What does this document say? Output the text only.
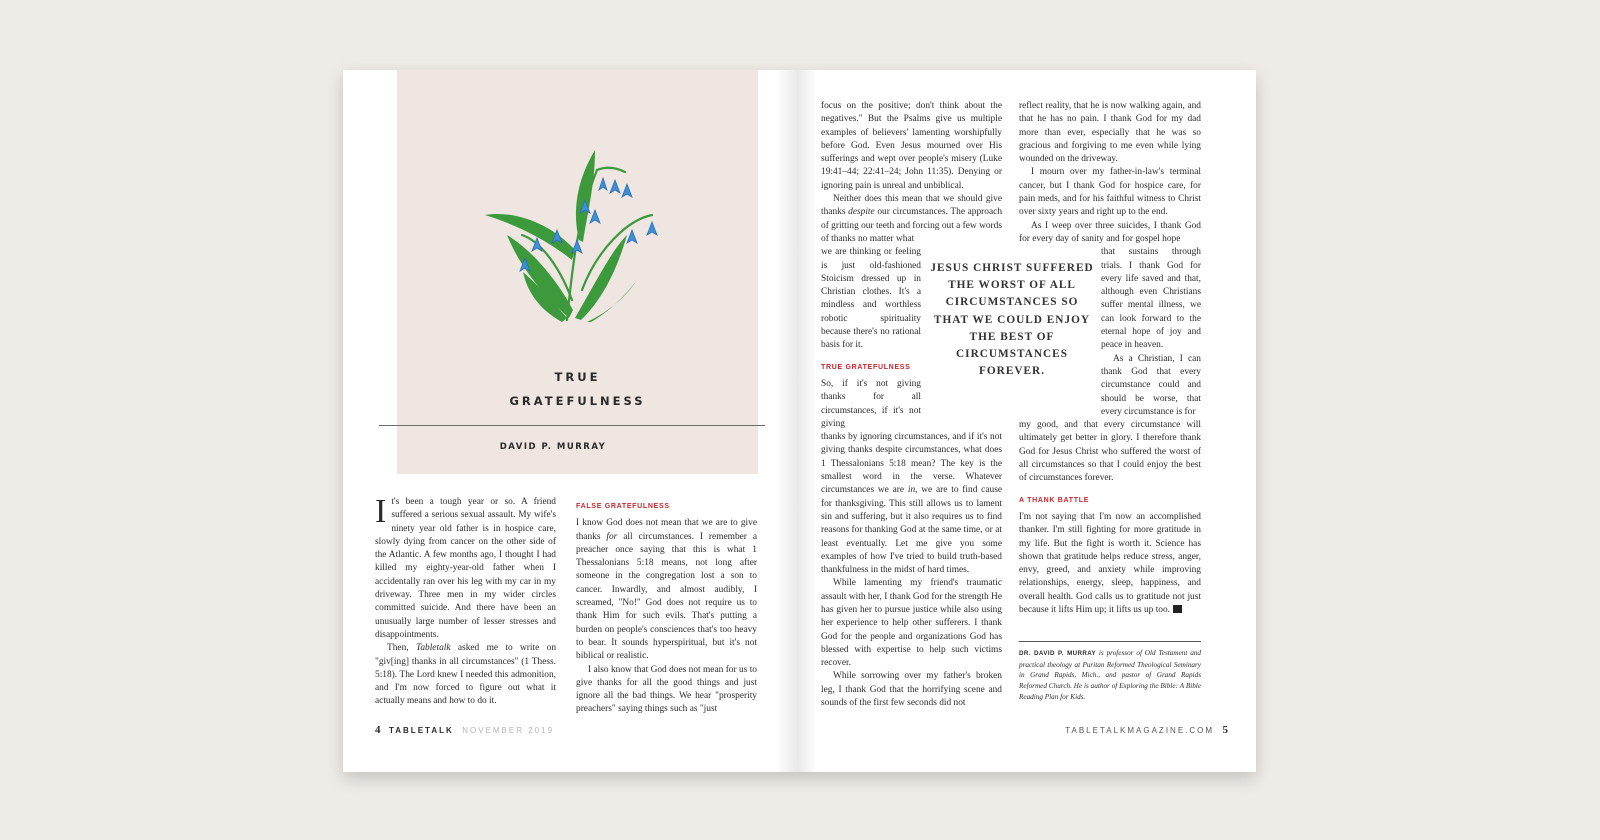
TRUE
GRATEFULNESS
DAVID P. MURRAY

It's been a tough year or so. A friend suffered a serious sexual assault. My wife's ninety year old father is in hospice care, slowly dying from cancer on the other side of the Atlantic. A few months ago, I thought I had killed my eighty-year-old father when I accidentally ran over his leg with my car in my driveway. Three men in my wider circles committed suicide. And there have been an unusually large number of lesser stresses and disappointments.

Then, Tabletalk asked me to write on "giv[ing] thanks in all circumstances" (1 Thess. 5:18). The Lord knew I needed this admonition, and I'm now forced to figure out what it actually means and how to do it.

FALSE GRATEFULNESS

I know God does not mean that we are to give thanks for all circumstances. I remember a preacher once saying that this is what 1 Thessalonians 5:18 means, not long after someone in the congregation lost a son to cancer. Inwardly, and almost audibly, I screamed, "No!" God does not require us to thank Him for such evils. That's putting a burden on people's consciences that's too heavy to bear. It sounds hyperspiritual, but it's not biblical or realistic.

I also know that God does not mean for us to give thanks for all the good things and just ignore all the bad things. We hear "prosperity preachers" saying things such as "just

4 TABLETALK NOVEMBER 2019

focus on the positive; don't think about the negatives." But the Psalms give us multiple examples of believers' lamenting worshipfully before God. Even Jesus mourned over His sufferings and wept over people's misery (Luke 19:41–44; 22:41–24; John 11:35). Denying or ignoring pain is unreal and unbiblical.

Neither does this mean that we should give thanks despite our circumstances. The approach of gritting our teeth and forcing out a few words of thanks no matter what

we are thinking or feeling is just old-fashioned Stoicism dressed up in Christian clothes. It's a mindless and worthless robotic spirituality because there's no rational basis for it.

TRUE GRATEFULNESS

So, if it's not giving thanks for all circumstances, if it's not giving

thanks by ignoring circumstances, and if it's not giving thanks despite circumstances, what does 1 Thessalonians 5:18 mean? The key is the smallest word in the verse. Whatever circumstances we are in, we are to find cause for thanksgiving. This still allows us to lament sin and suffering, but it also requires us to find reasons for thanking God at the same time, or at least eventually. Let me give you some examples of how I've tried to build truth-based thankfulness in the midst of hard times.

While lamenting my friend's traumatic assault with her, I thank God for the strength He has given her to pursue justice while also using her experience to help other sufferers. I thank God for the people and organizations God has blessed with expertise to help such victims recover.

While sorrowing over my father's broken leg, I thank God that the horrifying scene and sounds of the first few seconds did not

JESUS CHRIST SUFFERED THE WORST OF ALL CIRCUMSTANCES SO THAT WE COULD ENJOY THE BEST OF CIRCUMSTANCES FOREVER.

reflect reality, that he is now walking again, and that he has no pain. I thank God for my dad more than ever, especially that he was so gracious and forgiving to me even while lying wounded on the driveway.

I mourn over my father-in-law's terminal cancer, but I thank God for hospice care, for pain meds, and for his faithful witness to Christ over sixty years and right up to the end.

As I weep over three suicides, I thank God for every day of sanity and for gospel hope

that sustains through trials. I thank God for every life saved and that, although even Christians suffer mental illness, we can look forward to the eternal hope of joy and peace in heaven.

As a Christian, I can thank God that every circumstance could and should be worse, that every circumstance is for

my good, and that every circumstance will ultimately get better in glory. I therefore thank God for Jesus Christ who suffered the worst of all circumstances so that I could enjoy the best of circumstances forever.

A THANK BATTLE

I'm not saying that I'm now an accomplished thanker. I'm still fighting for more gratitude in my life. But the fight is worth it. Science has shown that gratitude helps reduce stress, anger, envy, greed, and anxiety while improving relationships, energy, sleep, happiness, and overall health. God calls us to gratitude not just because it lifts Him up; it lifts us up too.

DR. DAVID P. MURRAY is professor of Old Testament and practical theology at Puritan Reformed Theological Seminary in Grand Rapids, Mich., and pastor of Grand Rapids Reformed Church. He is author of Exploring the Bible: A Bible Reading Plan for Kids.
TABLETALKMAGAZINE.COM 5
